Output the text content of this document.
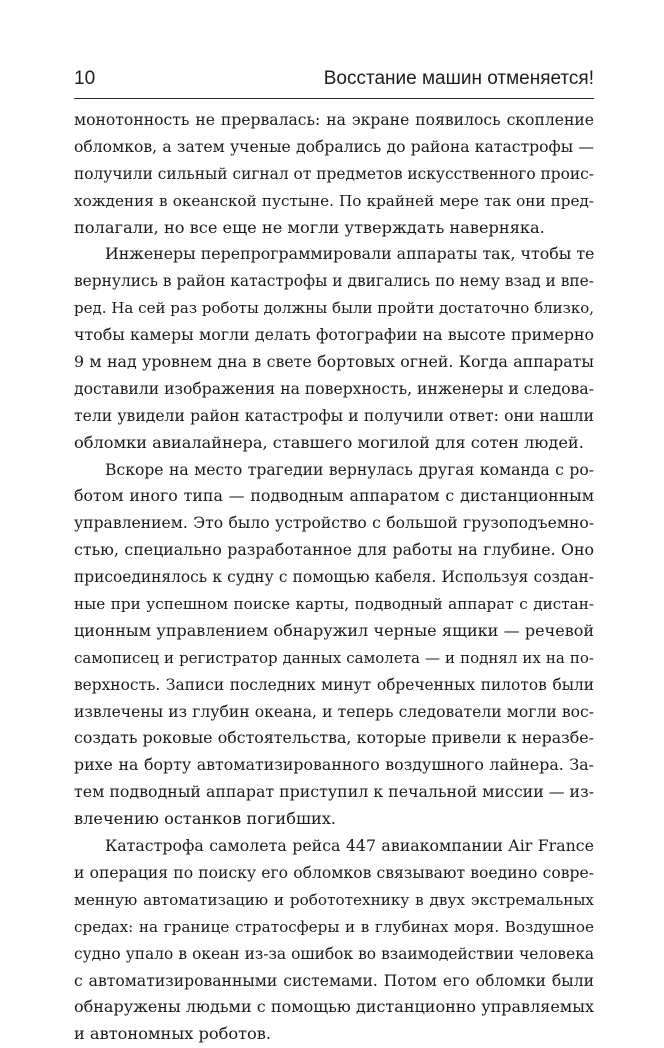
10	Восстание машин отменяется!
монотонность не прервалась: на экране появилось скопление
обломков, а затем ученые добрались до района катастрофы —
получили сильный сигнал от предметов искусственного проис-
хождения в океанской пустыне. По крайней мере так они пред-
полагали, но все еще не могли утверждать наверняка.
Инженеры перепрограммировали аппараты так, чтобы те
вернулись в район катастрофы и двигались по нему взад и впе-
ред. На сей раз роботы должны были пройти достаточно близко,
чтобы камеры могли делать фотографии на высоте примерно
9 м над уровнем дна в свете бортовых огней. Когда аппараты
доставили изображения на поверхность, инженеры и следова-
тели увидели район катастрофы и получили ответ: они нашли
обломки авиалайнера, ставшего могилой для сотен людей.
Вскоре на место трагедии вернулась другая команда с ро-
ботом иного типа — подводным аппаратом с дистанционным
управлением. Это было устройство с большой грузоподъемно-
стью, специально разработанное для работы на глубине. Оно
присоединялось к судну с помощью кабеля. Используя создан-
ные при успешном поиске карты, подводный аппарат с дистан-
ционным управлением обнаружил черные ящики — речевой
самописец и регистратор данных самолета — и поднял их на по-
верхность. Записи последних минут обреченных пилотов были
извлечены из глубин океана, и теперь следователи могли вос-
создать роковые обстоятельства, которые привели к неразбе-
рихе на борту автоматизированного воздушного лайнера. За-
тем подводный аппарат приступил к печальной миссии — из-
влечению останков погибших.
Катастрофа самолета рейса 447 авиакомпании Air France
и операция по поиску его обломков связывают воедино совре-
менную автоматизацию и робототехнику в двух экстремальных
средах: на границе стратосферы и в глубинах моря. Воздушное
судно упало в океан из-за ошибок во взаимодействии человека
с автоматизированными системами. Потом его обломки были
обнаружены людьми с помощью дистанционно управляемых
и автономных роботов.
